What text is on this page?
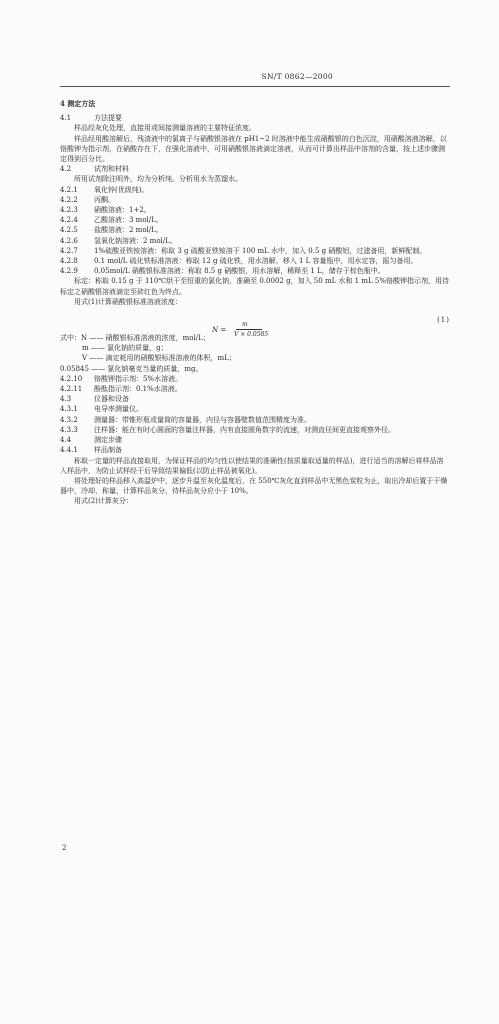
SN/T 0862—2000

4 测定方法

4.1	方法提要

样品经灰化处理，直接用或间接测量溶液的主要特征浓度。

样品经用酸溶解后，残渣液中的氯离子与硝酸银溶液在 pH1~2 时溶液中能生成硝酸银的白色沉淀，用硝酸溶液溶解，以铬酸钾为指示剂，在硝酸存在下，在强化溶液中，可用硝酸银溶液滴定溶液，从而可计算出样品中溶剂的含量，按上述步骤测定得到百分比。

4.2	试剂和材料

所用试剂除注明外，均为分析纯。分析用水为蒸馏水。

4.2.1	氧化锌(优级纯)。
4.2.2	丙酮。
4.2.3	硝酸溶液：1+2。
4.2.4	乙酸溶液：3 mol/L。
4.2.5	盐酸溶液：2 mol/L。
4.2.6	氢氧化钠溶液：2 mol/L。
4.2.7 1%硫酸亚铁铵溶液：称取 3 g 硫酸亚铁铵溶于 100 mL 水中，加入 0.5 g 硝酸铝，过滤备用，新鲜配制。
4.2.8 0.1 mol/L 硫化铁标准溶液：称取 12 g 硫化铁，用水溶解，移入 1 L 容量瓶中，用水定容，摇匀备用。
4.2.9 0.05mol/L 硝酸银标准溶液：称取 8.5 g 硝酸银，用水溶解，稀释至 1 L，储存于棕色瓶中。

标定：称取 0.15 g 于 110℃烘干至恒重的氯化钠，准确至 0.0002 g，加入 50 mL 水和 1 mL 5%铬酸钾指示剂，用待标定之硝酸银溶液滴定至砖红色为终点。

用式(1)计算硝酸银标准溶液浓度：

N =
m
V × 0.0585
(1)
式中：N —— 硝酸银标准溶液的浓度，mol/L；
m —— 氯化钠的质量，g；
V —— 滴定耗用的硝酸银标准溶液的体积，mL；
0.05845 —— 氯化钠毫克当量的质量，mg。
4.2.10	铬酸钾指示剂：5%水溶液。
4.2.11	酚酞指示剂：0.1%水溶液。
4.3	仪器和设备
4.3.1	电导率测量仪。
4.3.2	测量器：带锥形瓶或量筒的容量器，内径与容器壁数值范围精度为准。
4.3.3 注样器：能在有时心圆面的容量注样器，内有直接圆角数字的流速，对测直径间更直接观察外径。
4.4	测定步骤
4.4.1	样品制备

称取一定量的样品直接取用，为保证样品的均匀性以使结果的准确性(按质量取适量的样品)，进行适当的溶解后将样品溶入样品中，为防止试样经干后导致结果偏低(以防止样品被氧化)。

将处理好的样品移入高温炉中，逐步升温至灰化温度后，在 550℃灰化直到样品中无黑色炭粒为止，取出冷却后置于干燥器中，冷却，称量，计算样品灰分，待样品灰分应小于 10%。

用式(2)计算灰分：

2
